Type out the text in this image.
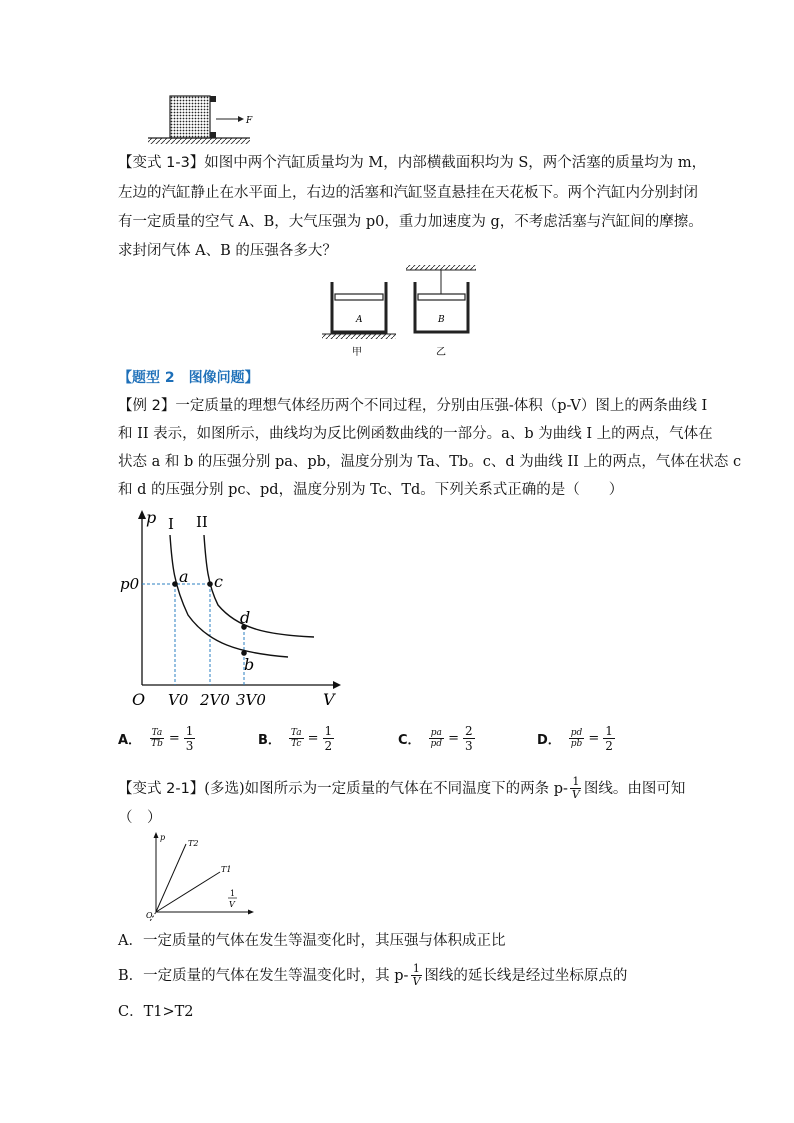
F
【变式 1-3】如图中两个汽缸质量均为 M，内部横截面积均为 S，两个活塞的质量均为 m，
左边的汽缸静止在水平面上，右边的活塞和汽缸竖直悬挂在天花板下。两个汽缸内分别封闭
有一定质量的空气 A、B，大气压强为 p0，重力加速度为 g，不考虑活塞与汽缸间的摩擦。
求封闭气体 A、B 的压强各多大？
A
甲
B
乙
【题型 2　图像问题】
【例 2】一定质量的理想气体经历两个不同过程，分别由压强-体积（p-V）图上的两条曲线 I
和 II 表示，如图所示，曲线均为反比例函数曲线的一部分。a、b 为曲线 I 上的两点，气体在
状态 a 和 b 的压强分别 pa、pb，温度分别为 Ta、Tb。c、d 为曲线 II 上的两点，气体在状态 c
和 d 的压强分别 pc、pd，温度分别为 Tc、Td。下列关系式正确的是（　　）
p
V
O
a c
d
b
I II
p0
V0 2V0 3V0
A． $\frac{Ta}{Tb} = \frac{1}{3}$	B． $\frac{Ta}{Tc} = \frac{1}{2}$	C． $\frac{pa}{pd} = \frac{2}{3}$	D． $\frac{pd}{pb} = \frac{1}{2}$
【变式 2-1】 (多选)如图所示为一定质量的气体在不同温度下的两条 $p- \frac{1}{V}$ 图线。由图可知
（　）
p
T2
T1
O
1
V
A．一定质量的气体在发生等温变化时，其压强与体积成正比
B．一定质量的气体在发生等温变化时，其 $p- \frac{1}{V}$ 图线的延长线是经过坐标原点的
C．T1>T2
